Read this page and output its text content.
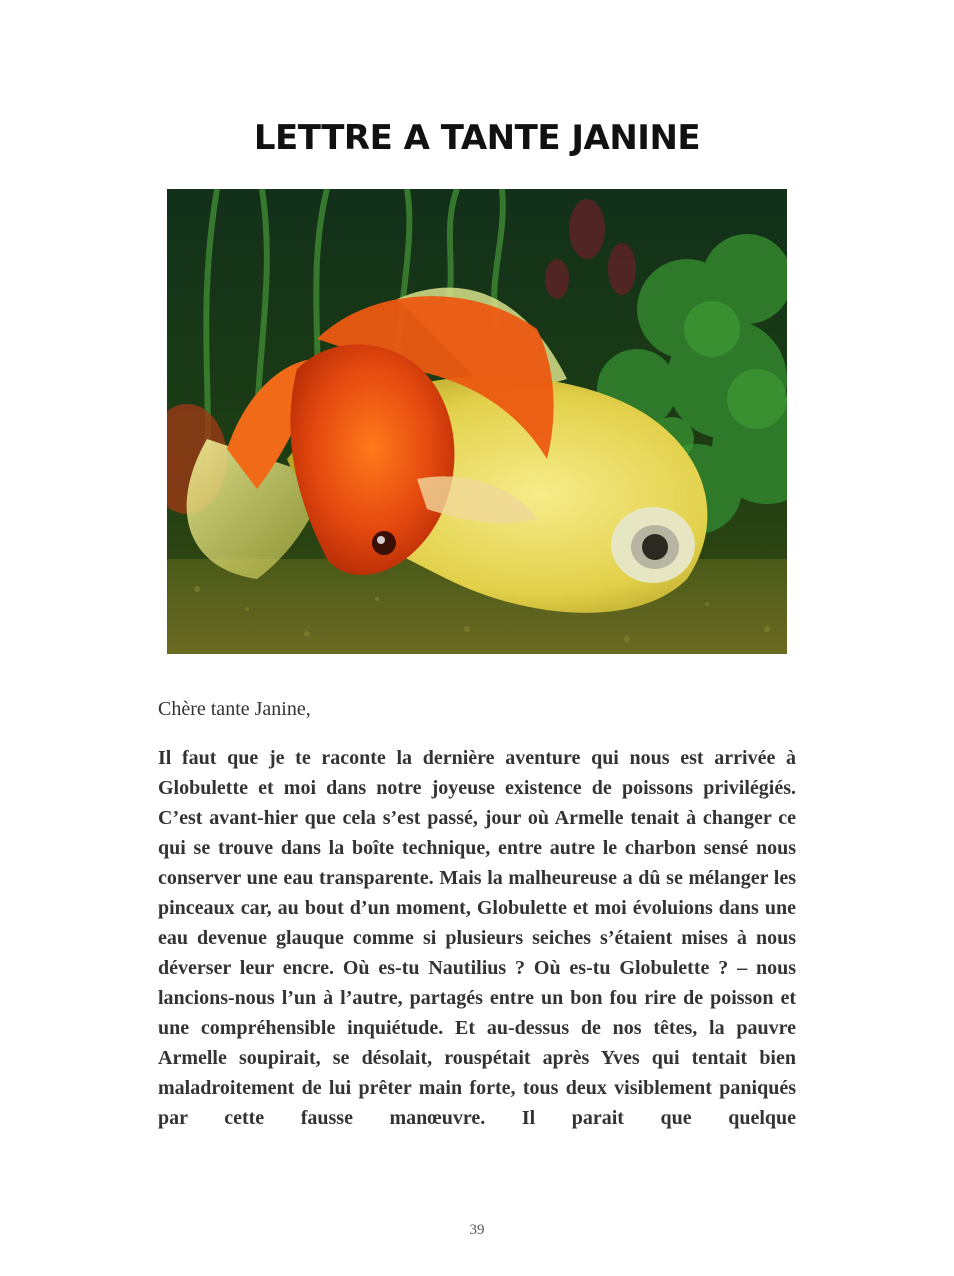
LETTRE A TANTE JANINE
Chère tante Janine,

Il faut que je te raconte la dernière aventure qui nous est arrivée à Globulette et moi dans notre joyeuse existence de poissons privilégiés. C’est avant-hier que cela s’est passé, jour où Armelle tenait à changer ce qui se trouve dans la boîte technique, entre autre le charbon sensé nous conserver une eau transparente. Mais la malheureuse a dû se mélanger les pinceaux car, au bout d’un moment, Globulette et moi évoluions dans une eau devenue glauque comme si plusieurs seiches s’étaient mises à nous déverser leur encre. Où es-tu Nautilius ? Où es-tu Globulette ? – nous lancions-nous l’un à l’autre, partagés entre un bon fou rire de poisson et une compréhensible inquiétude. Et au-dessus de nos têtes, la pauvre Armelle soupirait, se désolait, rouspétait après Yves qui tentait bien maladroitement de lui prêter main forte, tous deux visiblement paniqués par cette fausse manœuvre. Il parait que quelque

39
